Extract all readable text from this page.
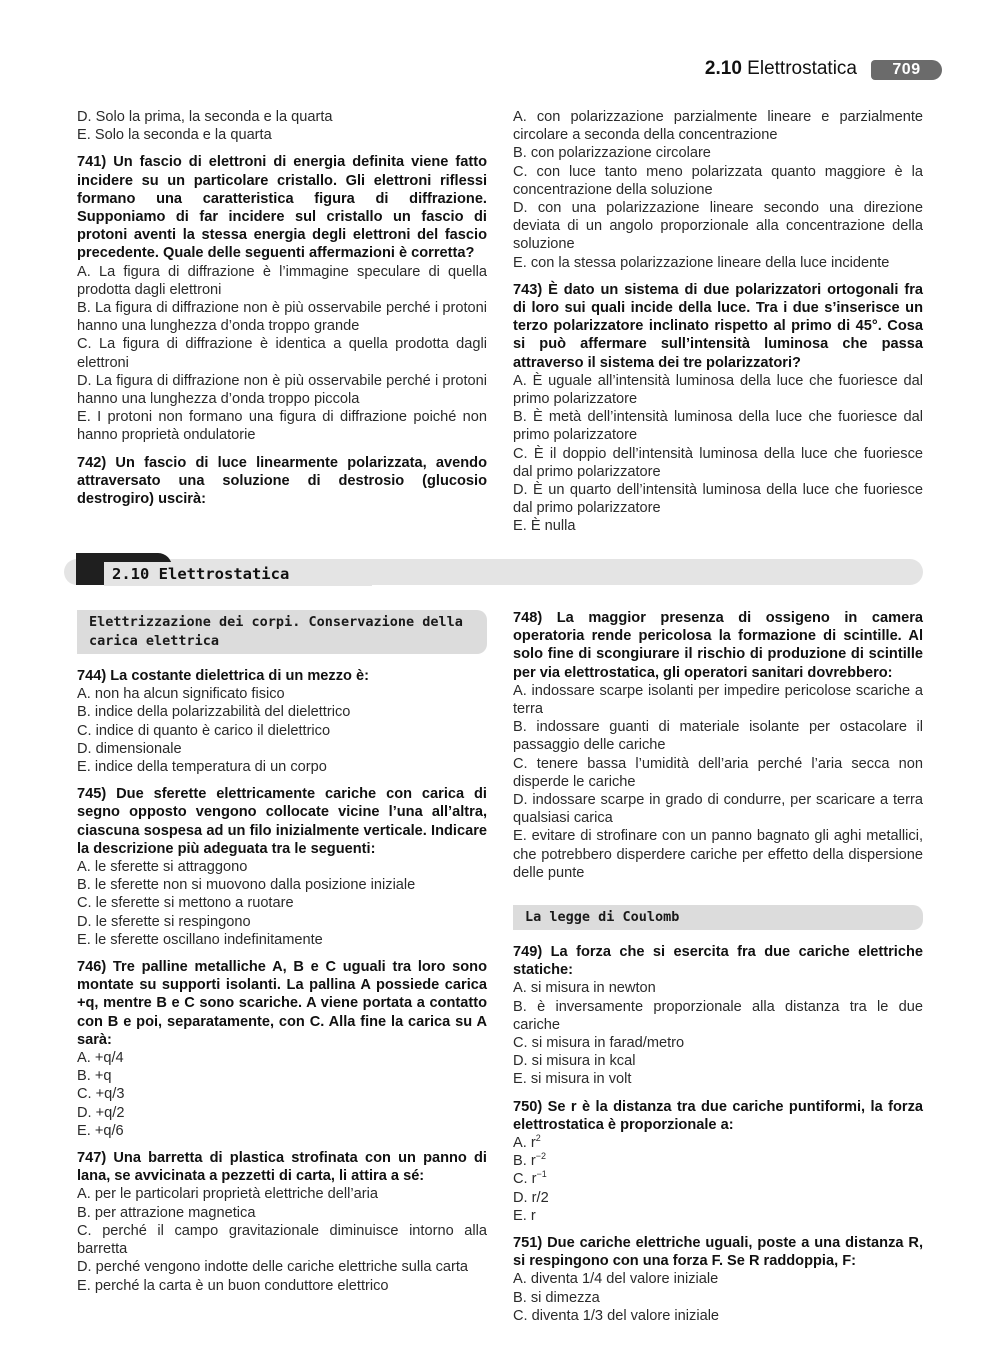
2.10 Elettrostatica	709

D. Solo la prima, la seconda e la quarta

E. Solo la seconda e la quarta

741) Un fascio di elettroni di energia definita viene fatto incidere su un particolare cristallo. Gli elettroni riflessi formano una caratteristica figura di diffrazione. Supponiamo di far incidere sul cristallo un fascio di protoni aventi la stessa energia degli elettroni del fascio precedente. Quale delle seguenti affermazioni è corretta?

A. La figura di diffrazione è l’immagine speculare di quella prodotta dagli elettroni

B. La figura di diffrazione non è più osservabile perché i protoni hanno una lunghezza d’onda troppo grande

C. La figura di diffrazione è identica a quella prodotta dagli elettroni

D. La figura di diffrazione non è più osservabile perché i protoni hanno una lunghezza d’onda troppo piccola

E. I protoni non formano una figura di diffrazione poiché non hanno proprietà ondulatorie

742) Un fascio di luce linearmente polarizzata, avendo attraversato una soluzione di destrosio (glucosio destrogiro) uscirà:

A. con polarizzazione parzialmente lineare e parzialmente circolare a seconda della concentrazione

B. con polarizzazione circolare

C. con luce tanto meno polarizzata quanto maggiore è la concentrazione della soluzione

D. con una polarizzazione lineare secondo una direzione deviata di un angolo proporzionale alla concentrazione della soluzione

E. con la stessa polarizzazione lineare della luce incidente

743) È dato un sistema di due polarizzatori ortogonali fra di loro sui quali incide della luce. Tra i due s’inserisce un terzo polarizzatore inclinato rispetto al primo di 45°. Cosa si può affermare sull’intensità luminosa che passa attraverso il sistema dei tre polarizzatori?

A. È uguale all’intensità luminosa della luce che fuoriesce dal primo polarizzatore

B. È metà dell’intensità luminosa della luce che fuoriesce dal primo polarizzatore

C. È il doppio dell’intensità luminosa della luce che fuoriesce dal primo polarizzatore

D. È un quarto dell’intensità luminosa della luce che fuoriesce dal primo polarizzatore

E. È nulla

2.10 Elettrostatica
Elettrizzazione dei corpi. Conservazione della carica elettrica

744) La costante dielettrica di un mezzo è:

A. non ha alcun significato fisico

B. indice della polarizzabilità del dielettrico

C. indice di quanto è carico il dielettrico

D. dimensionale

E. indice della temperatura di un corpo

745) Due sferette elettricamente cariche con carica di segno opposto vengono collocate vicine l’una all’altra, ciascuna sospesa ad un filo inizialmente verticale. Indicare la descrizione più adeguata tra le seguenti:

A. le sferette si attraggono

B. le sferette non si muovono dalla posizione iniziale

C. le sferette si mettono a ruotare

D. le sferette si respingono

E. le sferette oscillano indefinitamente

746) Tre palline metalliche A, B e C uguali tra loro sono montate su supporti isolanti. La pallina A possiede carica +q, mentre B e C sono scariche. A viene portata a contatto con B e poi, separatamente, con C. Alla fine la carica su A sarà:

A. +q/4

B. +q

C. +q/3

D. +q/2

E. +q/6

747) Una barretta di plastica strofinata con un panno di lana, se avvicinata a pezzetti di carta, li attira a sé:

A. per le particolari proprietà elettriche dell’aria

B. per attrazione magnetica

C. perché il campo gravitazionale diminuisce intorno alla barretta

D. perché vengono indotte delle cariche elettriche sulla carta

E. perché la carta è un buon conduttore elettrico

748) La maggior presenza di ossigeno in camera operatoria rende pericolosa la formazione di scintille. Al solo fine di scongiurare il rischio di produzione di scintille per via elettrostatica, gli operatori sanitari dovrebbero:

A. indossare scarpe isolanti per impedire pericolose scariche a terra

B. indossare guanti di materiale isolante per ostacolare il passaggio delle cariche

C. tenere bassa l’umidità dell’aria perché l’aria secca non disperde le cariche

D. indossare scarpe in grado di condurre, per scaricare a terra qualsiasi carica

E. evitare di strofinare con un panno bagnato gli aghi metallici, che potrebbero disperdere cariche per effetto della dispersione delle punte

La legge di Coulomb

749) La forza che si esercita fra due cariche elettriche statiche:

A. si misura in newton

B. è inversamente proporzionale alla distanza tra le due cariche

C. si misura in farad/metro

D. si misura in kcal

E. si misura in volt

750) Se r è la distanza tra due cariche puntiformi, la forza elettrostatica è proporzionale a:

A. $r^2$

B. $r^{-2}$

C. $r^{-1}$

D. r/2

E. r

751) Due cariche elettriche uguali, poste a una distanza R, si respingono con una forza F. Se R raddoppia, F:

A. diventa 1/4 del valore iniziale

B. si dimezza

C. diventa 1/3 del valore iniziale
